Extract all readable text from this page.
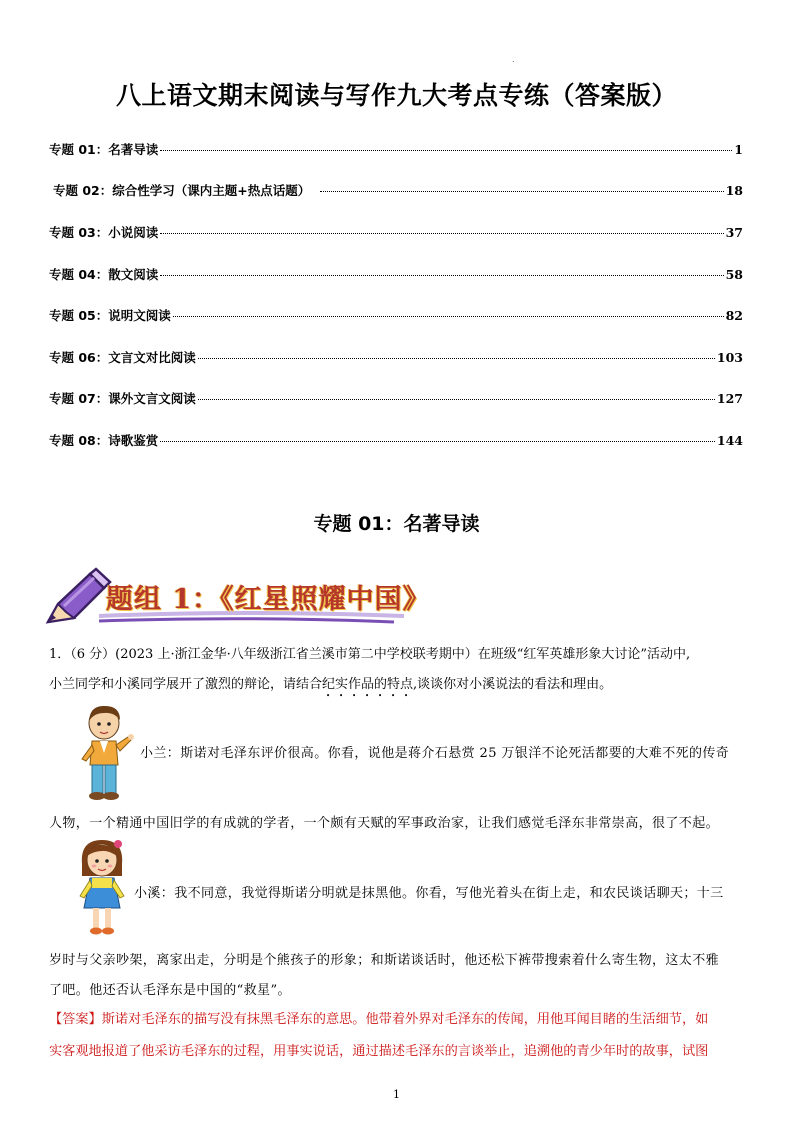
.
八上语文期末阅读与写作九大考点专练（答案版）
专题 01：名著导读	1
专题 02：综合性学习（课内主题+热点话题）	18
专题 03：小说阅读	37
专题 04：散文阅读	58
专题 05：说明文阅读	82
专题 06：文言文对比阅读	103
专题 07：课外文言文阅读	127
专题 08：诗歌鉴赏	144
专题 01：名著导读
题组 1：《红星照耀中国》
1．（6 分）(2023 上·浙江金华·八年级浙江省兰溪市第二中学校联考期中）在班级“红军英雄形象大讨论”活动中,
小兰同学和小溪同学展开了激烈的辩论，请结合纪实作品的特点,谈谈你对小溪说法的看法和理由。
小兰：斯诺对毛泽东评价很高。你看，说他是蒋介石悬赏 25 万银洋不论死活都要的大难不死的传奇
人物，一个精通中国旧学的有成就的学者，一个颇有天赋的军事政治家，让我们感觉毛泽东非常崇高，很了不起。
小溪：我不同意，我觉得斯诺分明就是抹黑他。你看，写他光着头在街上走，和农民谈话聊天；十三
岁时与父亲吵架，离家出走，分明是个熊孩子的形象；和斯诺谈话时，他还松下裤带搜索着什么寄生物，这太不雅
了吧。他还否认毛泽东是中国的“救星”。
【答案】斯诺对毛泽东的描写没有抹黑毛泽东的意思。他带着外界对毛泽东的传闻，用他耳闻目睹的生活细节，如
实客观地报道了他采访毛泽东的过程，用事实说话，通过描述毛泽东的言谈举止，追溯他的青少年时的故事，试图
1
